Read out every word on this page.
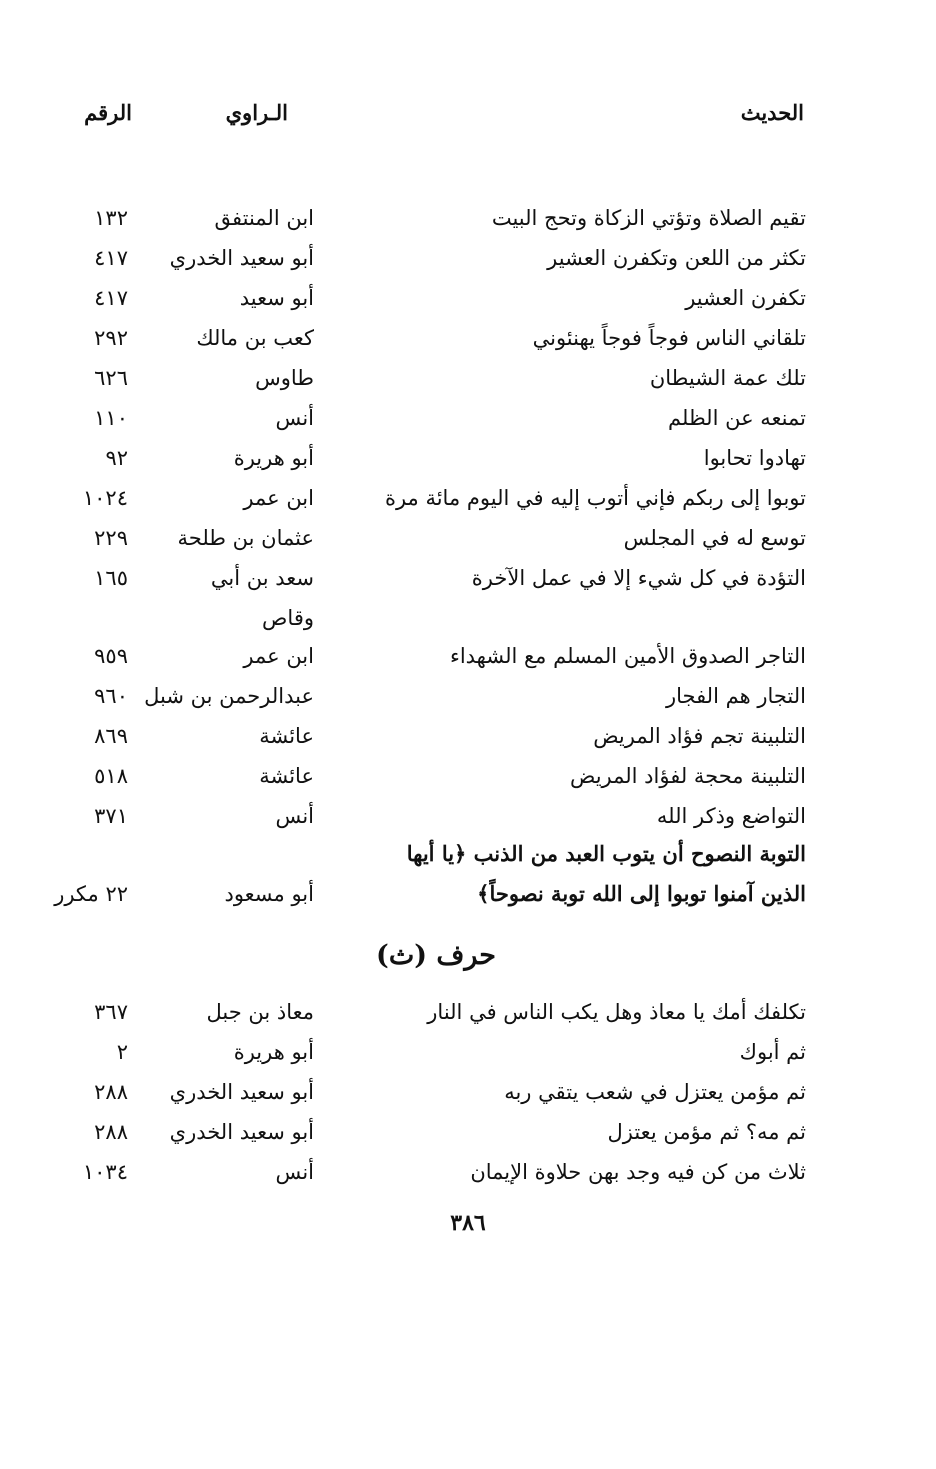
الحديث
الـراوي
الرقم
تقيم الصلاة وتؤتي الزكاة وتحج البيت
ابن المنتفق
١٣٢
تكثر من اللعن وتكفرن العشير
أبو سعيد الخدري
٤١٧
تكفرن العشير
أبو سعيد
٤١٧
تلقاني الناس فوجاً فوجاً يهنئوني
كعب بن مالك
٢٩٢
تلك عمة الشيطان
طاوس
٦٢٦
تمنعه عن الظلم
أنس
١١٠
تهادوا تحابوا
أبو هريرة
٩٢
توبوا إلى ربكم فإني أتوب إليه في اليوم مائة مرة
ابن عمر
١٠٢٤
توسع له في المجلس
عثمان بن طلحة
٢٢٩
التؤدة في كل شيء إلا في عمل الآخرة
سعد بن أبي
١٦٥
وقاص
التاجر الصدوق الأمين المسلم مع الشهداء
ابن عمر
٩٥٩
التجار هم الفجار
عبدالرحمن بن شبل
٩٦٠
التلبينة تجم فؤاد المريض
عائشة
٨٦٩
التلبينة محجة لفؤاد المريض
عائشة
٥١٨
التواضع وذكر الله
أنس
٣٧١
التوبة النصوح أن يتوب العبد من الذنب ﴿يا أيها
الذين آمنوا توبوا إلى الله توبة نصوحاً﴾
أبو مسعود
٢٢ مكرر
حرف (ث)
تكلفك أمك يا معاذ وهل يكب الناس في النار
معاذ بن جبل
٣٦٧
ثم أبوك
أبو هريرة
٢
ثم مؤمن يعتزل في شعب يتقي ربه
أبو سعيد الخدري
٢٨٨
ثم مه؟ ثم مؤمن يعتزل
أبو سعيد الخدري
٢٨٨
ثلاث من كن فيه وجد بهن حلاوة الإيمان
أنس
١٠٣٤
٣٨٦
